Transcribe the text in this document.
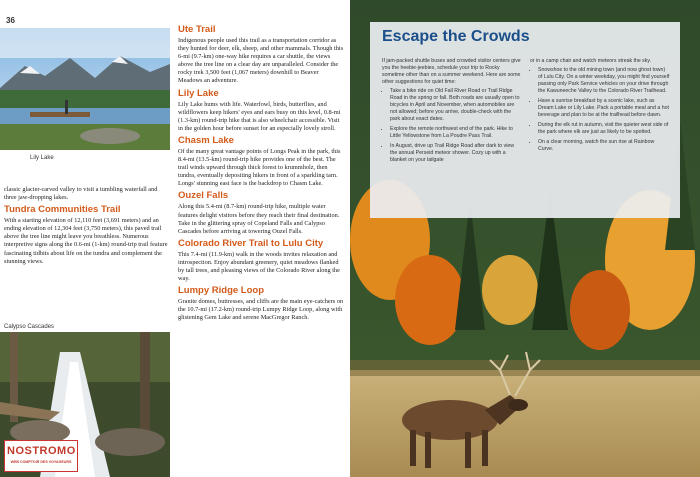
36
Lily Lake

classic glacier-carved valley to visit a tumbling waterfall and three jaw-dropping lakes.

Tundra Communities Trail

With a starting elevation of 12,110 feet (3,691 meters) and an ending elevation of 12,304 feet (3,750 meters), this paved trail above the tree line might leave you breathless. Numerous interpretive signs along the 0.6-mi (1-km) round-trip trail feature fascinating tidbits about life on the tundra and complement the stunning views.

Calypso Cascades
NOSTROMO
WEB COMPTOIR DES VOYAGEURS
Ute Trail

Indigenous people used this trail as a transportation corridor as they hunted for deer, elk, sheep, and other mammals. Though this 6-mi (9.7-km) one-way hike requires a car shuttle, the views above the tree line on a clear day are unparalleled. Consider the rocky trek 3,500 feet (1,067 meters) downhill to Beaver Meadows an adventure.

Lily Lake

Lily Lake hums with life. Waterfowl, birds, butterflies, and wildflowers keep hikers' eyes and ears busy on this level, 0.8-mi (1.3-km) round-trip hike that is also wheelchair accessible. Visit in the golden hour before sunset for an especially lovely stroll.

Chasm Lake

Of the many great vantage points of Longs Peak in the park, this 8.4-mi (13.5-km) round-trip hike provides one of the best. The trail winds upward through thick forest to krummholz, then tundra, eventually depositing hikers in front of a sparkling tarn. Longs' stunning east face is the backdrop to Chasm Lake.

Ouzel Falls

Along this 5.4-mi (8.7-km) round-trip hike, multiple water features delight visitors before they reach their final destination. Take in the glittering spray of Copeland Falls and Calypso Cascades before arriving at towering Ouzel Falls.

Colorado River Trail to Lulu City

This 7.4-mi (11.9-km) walk in the woods invites relaxation and introspection. Enjoy abundant greenery, quiet meadows flanked by tall trees, and pleasing views of the Colorado River along the way.

Lumpy Ridge Loop

Granite domes, buttresses, and cliffs are the main eye-catchers on the 10.7-mi (17.2-km) round-trip Lumpy Ridge Loop, along with glistening Gem Lake and serene MacGregor Ranch.

Escape the Crowds
If jam-packed shuttle buses and crowded visitor centers give you the heebie-jeebies, schedule your trip to Rocky sometime other than on a summer weekend. Here are some other suggestions for quiet time:
• Take a bike ride on Old Fall River Road or Trail Ridge Road in the spring or fall. Both roads are usually open to bicycles in April and November, when automobiles are not allowed; before you arrive, double-check with the park about exact dates.
• Explore the remote northwest end of the park. Hike to Little Yellowstone from La Poudre Pass Trail.
• In August, drive up Trail Ridge Road after dark to view the annual Perseid meteor shower. Cozy up with a blanket on your tailgate
or in a camp chair and watch meteors streak the sky.
• Snowshoe to the old mining town (and now ghost town) of Lulu City. On a winter weekday, you might find yourself passing only Park Service vehicles on your drive through the Kawuneeche Valley to the Colorado River Trailhead.
• Have a sunrise breakfast by a scenic lake, such as Dream Lake or Lily Lake. Pack a portable meal and a hot beverage and plan to be at the trailhead before dawn.
• During the elk rut in autumn, visit the quieter west side of the park where elk are just as likely to be spotted.
• On a clear morning, watch the sun rise at Rainbow Curve.
